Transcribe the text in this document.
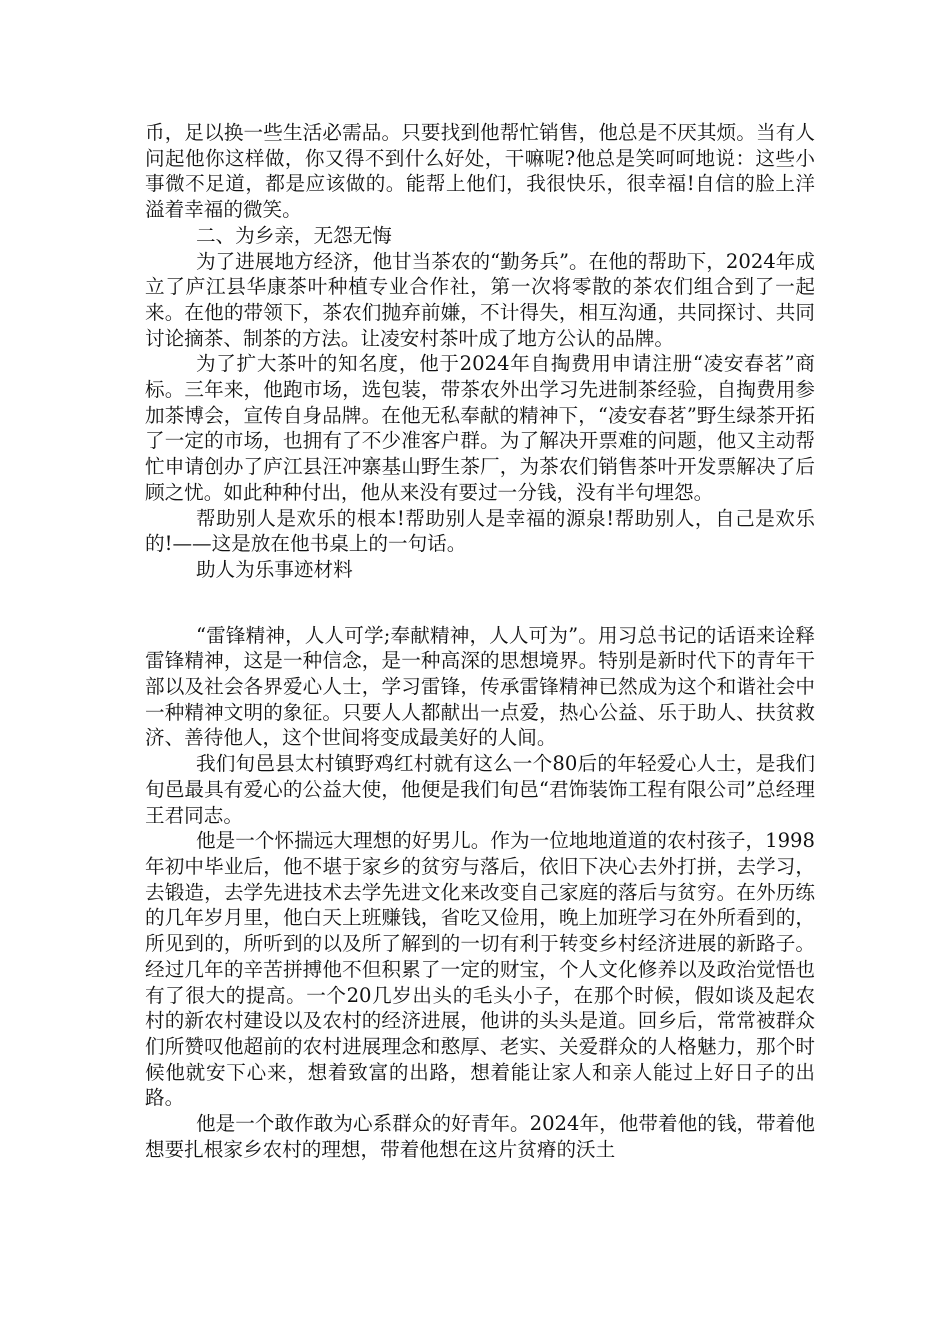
币，足以换一些生活必需品。只要找到他帮忙销售，他总是不厌其烦。当有人问起他你这样做，你又得不到什么好处，干嘛呢?他总是笑呵呵地说：这些小事微不足道，都是应该做的。能帮上他们，我很快乐，很幸福!自信的脸上洋溢着幸福的微笑。

二、为乡亲，无怨无悔

为了进展地方经济，他甘当茶农的“勤务兵”。在他的帮助下，2024年成立了庐江县华康茶叶种植专业合作社，第一次将零散的茶农们组合到了一起来。在他的带领下，茶农们抛弃前嫌，不计得失，相互沟通，共同探讨、共同讨论摘茶、制茶的方法。让凌安村茶叶成了地方公认的品牌。

为了扩大茶叶的知名度，他于2024年自掏费用申请注册“凌安春茗”商标。三年来，他跑市场，选包装，带茶农外出学习先进制茶经验，自掏费用参加茶博会，宣传自身品牌。在他无私奉献的精神下，“凌安春茗”野生绿茶开拓了一定的市场，也拥有了不少准客户群。为了解决开票难的问题，他又主动帮忙申请创办了庐江县汪冲寨基山野生茶厂，为茶农们销售茶叶开发票解决了后顾之忧。如此种种付出，他从来没有要过一分钱，没有半句埋怨。

帮助别人是欢乐的根本!帮助别人是幸福的源泉!帮助别人，自己是欢乐的!——这是放在他书桌上的一句话。

助人为乐事迹材料

“雷锋精神，人人可学;奉献精神，人人可为”。用习总书记的话语来诠释雷锋精神，这是一种信念，是一种高深的思想境界。特别是新时代下的青年干部以及社会各界爱心人士，学习雷锋，传承雷锋精神已然成为这个和谐社会中一种精神文明的象征。只要人人都献出一点爱，热心公益、乐于助人、扶贫救济、善待他人，这个世间将变成最美好的人间。

我们旬邑县太村镇野鸡红村就有这么一个80后的年轻爱心人士，是我们旬邑最具有爱心的公益大使，他便是我们旬邑“君饰装饰工程有限公司”总经理王君同志。

他是一个怀揣远大理想的好男儿。作为一位地地道道的农村孩子，1998年初中毕业后，他不堪于家乡的贫穷与落后，依旧下决心去外打拼，去学习，去锻造，去学先进技术去学先进文化来改变自己家庭的落后与贫穷。在外历练的几年岁月里，他白天上班赚钱，省吃又俭用，晚上加班学习在外所看到的，所见到的，所听到的以及所了解到的一切有利于转变乡村经济进展的新路子。经过几年的辛苦拼搏他不但积累了一定的财宝，个人文化修养以及政治觉悟也有了很大的提高。一个20几岁出头的毛头小子，在那个时候，假如谈及起农村的新农村建设以及农村的经济进展，他讲的头头是道。回乡后，常常被群众们所赞叹他超前的农村进展理念和憨厚、老实、关爱群众的人格魅力，那个时候他就安下心来，想着致富的出路，想着能让家人和亲人能过上好日子的出路。

他是一个敢作敢为心系群众的好青年。2024年，他带着他的钱，带着他想要扎根家乡农村的理想，带着他想在这片贫瘠的沃土
